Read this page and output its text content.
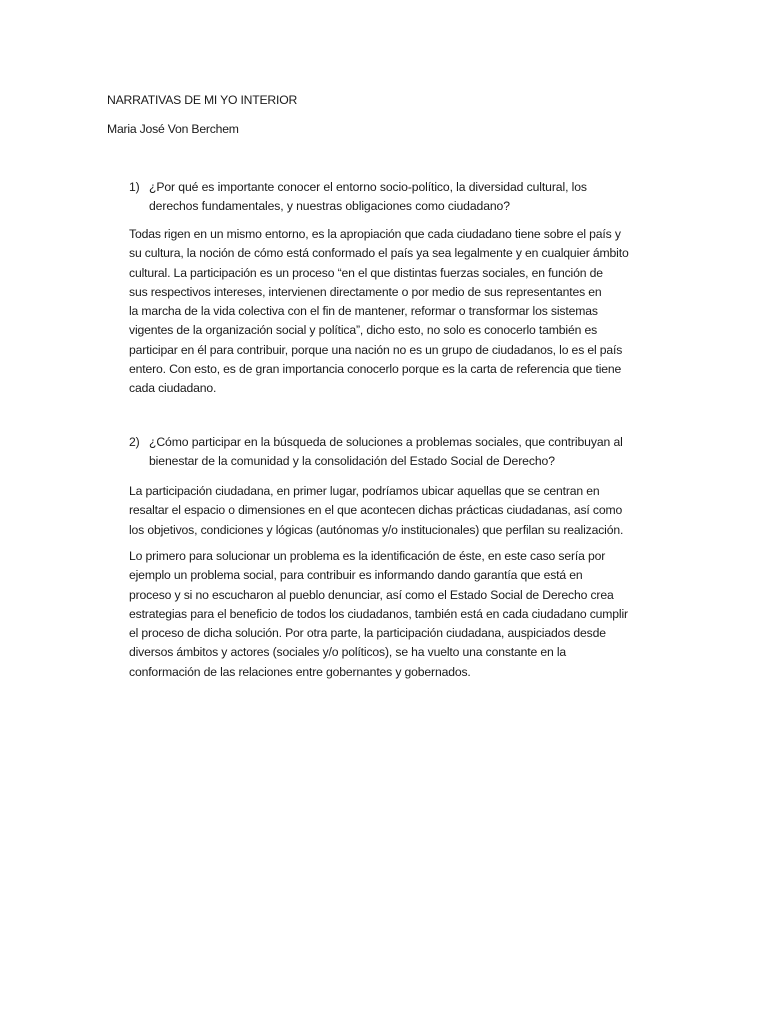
NARRATIVAS DE MI YO INTERIOR
Maria José Von Berchem
1) ¿Por qué es importante conocer el entorno socio-político, la diversidad cultural, los
derechos fundamentales, y nuestras obligaciones como ciudadano?
Todas rigen en un mismo entorno, es la apropiación que cada ciudadano tiene sobre el país y
su cultura, la noción de cómo está conformado el país ya sea legalmente y en cualquier ámbito
cultural. La participación es un proceso “en el que distintas fuerzas sociales, en función de
sus respectivos intereses, intervienen directamente o por medio de sus representantes en
la marcha de la vida colectiva con el fin de mantener, reformar o transformar los sistemas
vigentes de la organización social y política”, dicho esto, no solo es conocerlo también es
participar en él para contribuir, porque una nación no es un grupo de ciudadanos, lo es el país
entero. Con esto, es de gran importancia conocerlo porque es la carta de referencia que tiene
cada ciudadano.
2) ¿Cómo participar en la búsqueda de soluciones a problemas sociales, que contribuyan al
bienestar de la comunidad y la consolidación del Estado Social de Derecho?
La participación ciudadana, en primer lugar, podríamos ubicar aquellas que se centran en
resaltar el espacio o dimensiones en el que acontecen dichas prácticas ciudadanas, así como
los objetivos, condiciones y lógicas (autónomas y/o institucionales) que perfilan su realización.
Lo primero para solucionar un problema es la identificación de éste, en este caso sería por
ejemplo un problema social, para contribuir es informando dando garantía que está en
proceso y si no escucharon al pueblo denunciar, así como el Estado Social de Derecho crea
estrategias para el beneficio de todos los ciudadanos, también está en cada ciudadano cumplir
el proceso de dicha solución. Por otra parte, la participación ciudadana, auspiciados desde
diversos ámbitos y actores (sociales y/o políticos), se ha vuelto una constante en la
conformación de las relaciones entre gobernantes y gobernados.
